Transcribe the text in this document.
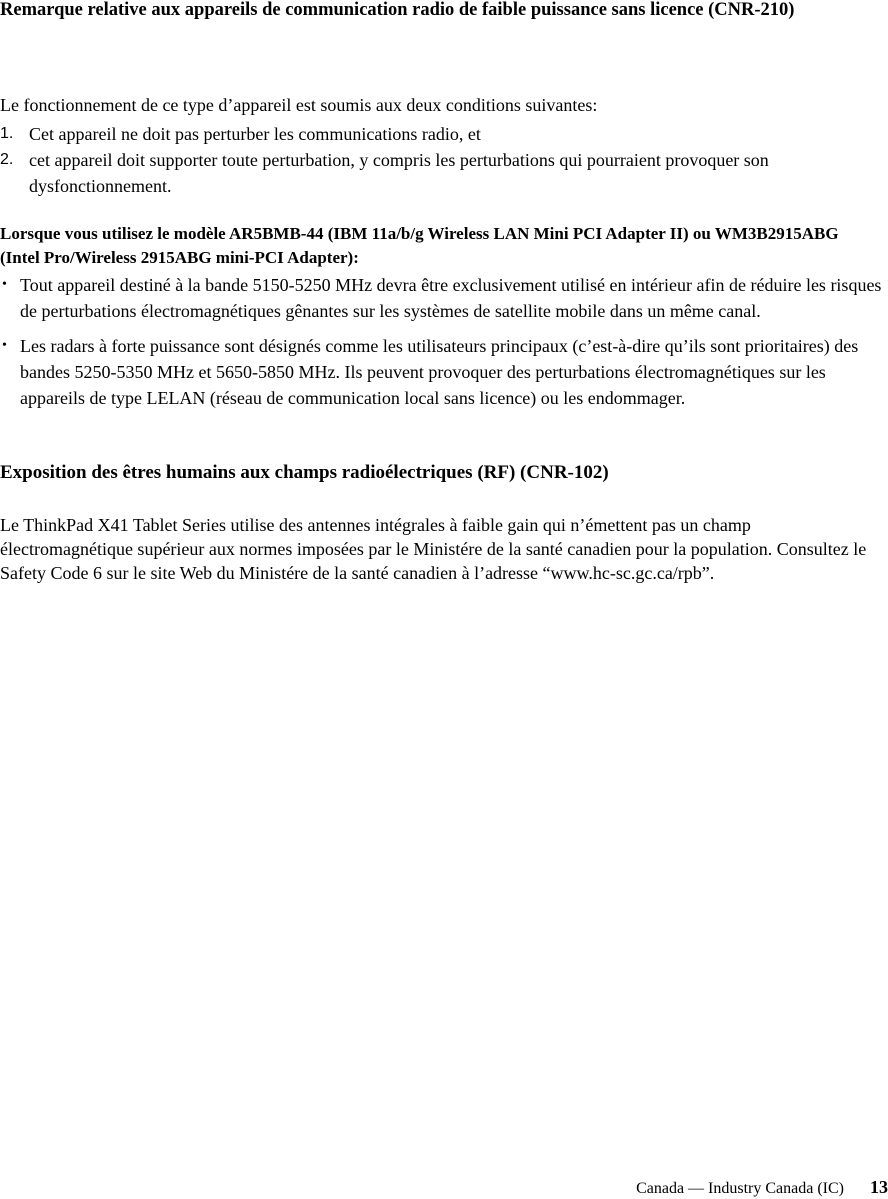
Remarque relative aux appareils de communication radio de faible puissance sans licence (CNR-210)
Le fonctionnement de ce type d’appareil est soumis aux deux conditions suivantes:
1. Cet appareil ne doit pas perturber les communications radio, et
2. cet appareil doit supporter toute perturbation, y compris les perturbations qui pourraient provoquer son dysfonctionnement.
Lorsque vous utilisez le modèle AR5BMB-44 (IBM 11a/b/g Wireless LAN Mini PCI Adapter II) ou WM3B2915ABG (Intel Pro/Wireless 2915ABG mini-PCI Adapter):
• Tout appareil destiné à la bande 5150-5250 MHz devra être exclusivement utilisé en intérieur afin de réduire les risques de perturbations électromagnétiques gênantes sur les systèmes de satellite mobile dans un même canal.
• Les radars à forte puissance sont désignés comme les utilisateurs principaux (c’est-à-dire qu’ils sont prioritaires) des bandes 5250-5350 MHz et 5650-5850 MHz. Ils peuvent provoquer des perturbations électromagnétiques sur les appareils de type LELAN (réseau de communication local sans licence) ou les endommager.
Exposition des êtres humains aux champs radioélectriques (RF) (CNR-102)
Le ThinkPad X41 Tablet Series utilise des antennes intégrales à faible gain qui n’émettent pas un champ électromagnétique supérieur aux normes imposées par le Ministére de la santé canadien pour la population. Consultez le Safety Code 6 sur le site Web du Ministére de la santé canadien à l’adresse “www.hc-sc.gc.ca/rpb”.
Canada — Industry Canada (IC) 13
